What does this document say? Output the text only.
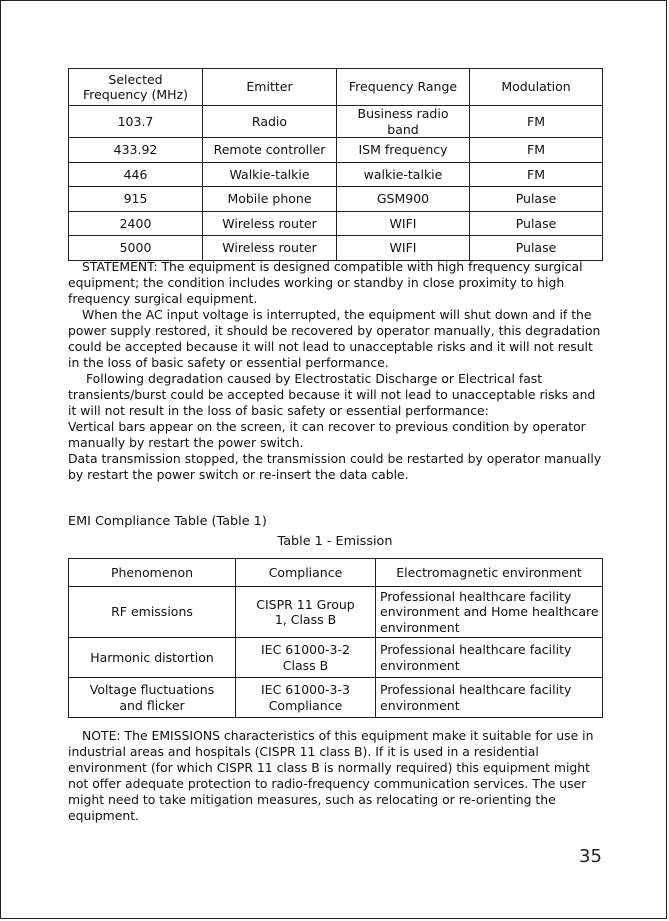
Selected Frequency (MHz)	Emitter	Frequency Range	Modulation
103.7	Radio	Business radio band	FM
433.92	Remote controller	ISM frequency	FM
446	Walkie-talkie	walkie-talkie	FM
915	Mobile phone	GSM900	Pulase
2400	Wireless router	WIFI	Pulase
5000	Wireless router	WIFI	Pulase

STATEMENT: The equipment is designed compatible with high frequency surgical equipment; the condition includes working or standby in close proximity to high frequency surgical equipment.

When the AC input voltage is interrupted, the equipment will shut down and if the power supply restored, it should be recovered by operator manually, this degradation could be accepted because it will not lead to unacceptable risks and it will not result in the loss of basic safety or essential performance.

Following degradation caused by Electrostatic Discharge or Electrical fast transients/burst could be accepted because it will not lead to unacceptable risks and it will not result in the loss of basic safety or essential performance:

Vertical bars appear on the screen, it can recover to previous condition by operator manually by restart the power switch.

Data transmission stopped, the transmission could be restarted by operator manually by restart the power switch or re-insert the data cable.

EMI Compliance Table (Table 1)
Table 1 - Emission
Phenomenon	Compliance	Electromagnetic environment
RF emissions	CISPR 11 Group 1, Class B	Professional healthcare facility environment and Home healthcare environment
Harmonic distortion	IEC 61000-3-2 Class B	Professional healthcare facility environment
Voltage fluctuations and flicker	IEC 61000-3-3 Compliance	Professional healthcare facility environment

NOTE: The EMISSIONS characteristics of this equipment make it suitable for use in industrial areas and hospitals (CISPR 11 class B). If it is used in a residential environment (for which CISPR 11 class B is normally required) this equipment might not offer adequate protection to radio-frequency communication services. The user might need to take mitigation measures, such as relocating or re-orienting the equipment.

35
